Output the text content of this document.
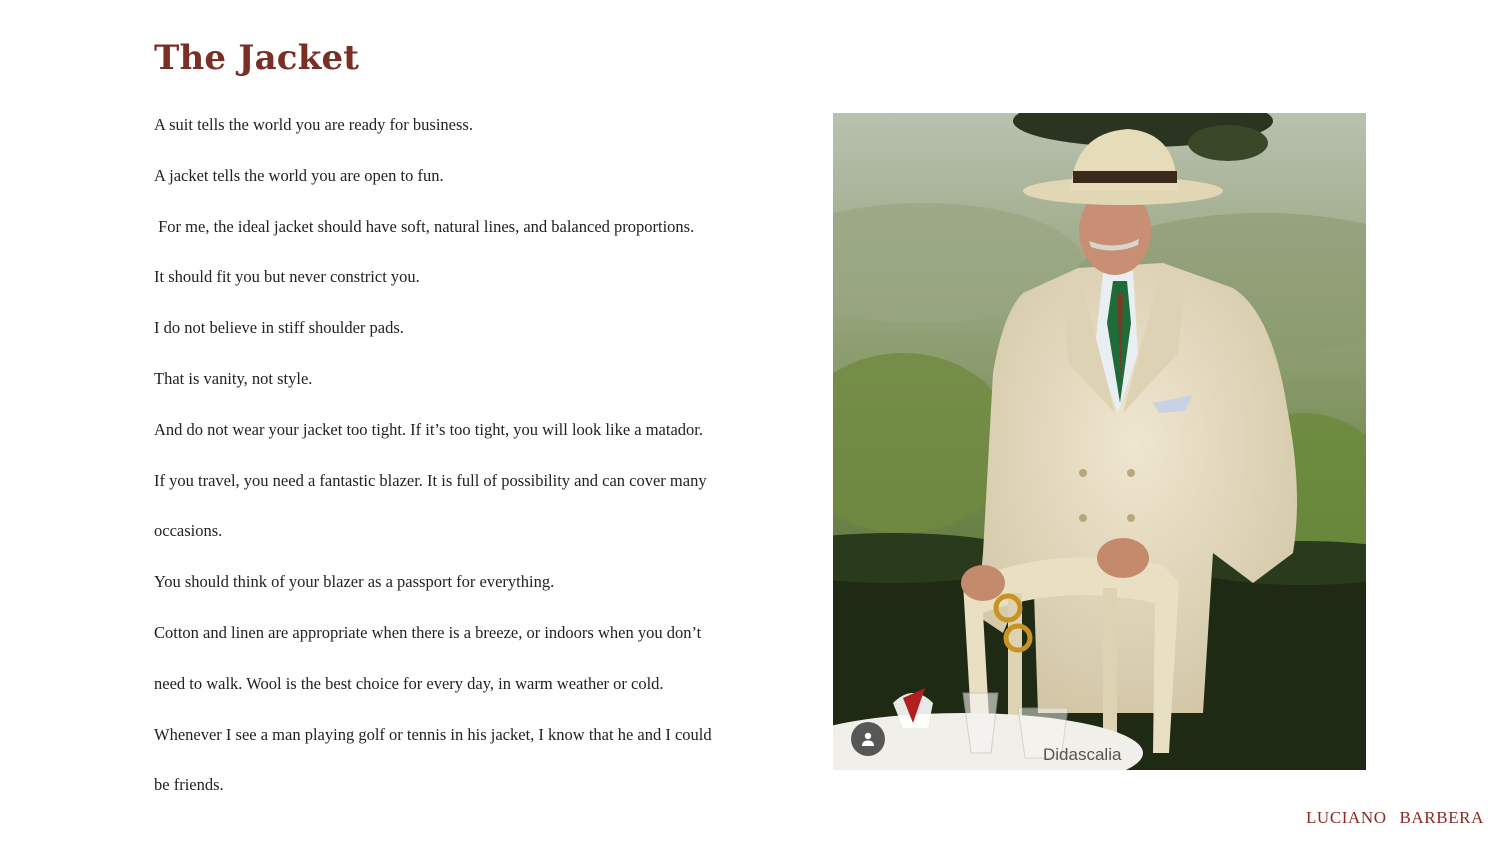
The Jacket
A suit tells the world you are ready for business.
A jacket tells the world you are open to fun.
For me, the ideal jacket should have soft, natural lines, and balanced proportions.
It should fit you but never constrict you.
I do not believe in stiff shoulder pads.
That is vanity, not style.
And do not wear your jacket too tight. If it’s too tight, you will look like a matador.
If you travel, you need a fantastic blazer. It is full of possibility and can cover many
occasions.
You should think of your blazer as a passport for everything.
Cotton and linen are appropriate when there is a breeze, or indoors when you don’t
need to walk. Wool is the best choice for every day, in warm weather or cold.
Whenever I see a man playing golf or tennis in his jacket, I know that he and I could
be friends.
Didascalia
LUCIANO BARBERA
